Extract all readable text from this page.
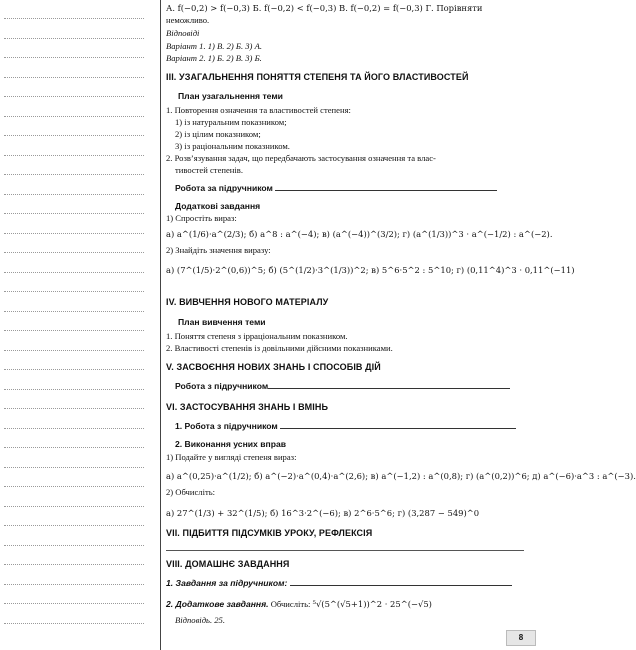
А. f(−0,2) > f(−0,3) Б. f(−0,2) < f(−0,3) В. f(−0,2) = f(−0,3) Г. Порівняти
неможливо.
Відповіді
Варіант 1. 1) В. 2) Б. 3) А.
Варіант 2. 1) Б. 2) В. 3) Б.
ІІІ. УЗАГАЛЬНЕННЯ ПОНЯТТЯ СТЕПЕНЯ ТА ЙОГО ВЛАСТИВОСТЕЙ
План узагальнення теми
1. Повторення означення та властивостей степеня:
1) із натуральним показником;
2) із цілим показником;
3) із раціональним показником.
2. Розв’язування задач, що передбачають застосування означення та влас-
тивостей степенів.
Робота за підручником
Додаткові завдання
1) Спростіть вираз:
а) a^(1/6)·a^(2/3); б) a^8 : a^(−4); в) (a^(−4))^(3/2); г) (a^(1/3))^3 · a^(−1/2) : a^(−2).
2) Знайдіть значення виразу:
а) (7^(1/5)·2^(0,6))^5; б) (5^(1/2)·3^(1/3))^2; в) 5^6·5^2 : 5^10; г) (0,11^4)^3 · 0,11^(−11)
IV. ВИВЧЕННЯ НОВОГО МАТЕРІАЛУ
План вивчення теми
1. Поняття степеня з ірраціональним показником.
2. Властивості степенів із довільними дійсними показниками.
V. ЗАСВОЄННЯ НОВИХ ЗНАНЬ І СПОСОБІВ ДІЙ
Робота з підручником
VI. ЗАСТОСУВАННЯ ЗНАНЬ І ВМІНЬ
1. Робота з підручником
2. Виконання усних вправ
1) Подайте у вигляді степеня вираз:
а) a^(0,25)·a^(1/2); б) a^(−2)·a^(0,4)·a^(2,6); в) a^(−1,2) : a^(0,8); г) (a^(0,2))^6; д) a^(−6)·a^3 : a^(−3).
2) Обчисліть:
а) 27^(1/3) + 32^(1/5); б) 16^3·2^(−6); в) 2^6·5^6; г) (3,287 − 549)^0
VII. ПІДБИТТЯ ПІДСУМКІВ УРОКУ, РЕФЛЕКСІЯ
VIII. ДОМАШНЄ ЗАВДАННЯ
1. Завдання за підручником:
2. Додаткове завдання. Обчисліть: ⁵√(5^(√5+1))^2 · 25^(−√5)
Відповідь. 25.
8
